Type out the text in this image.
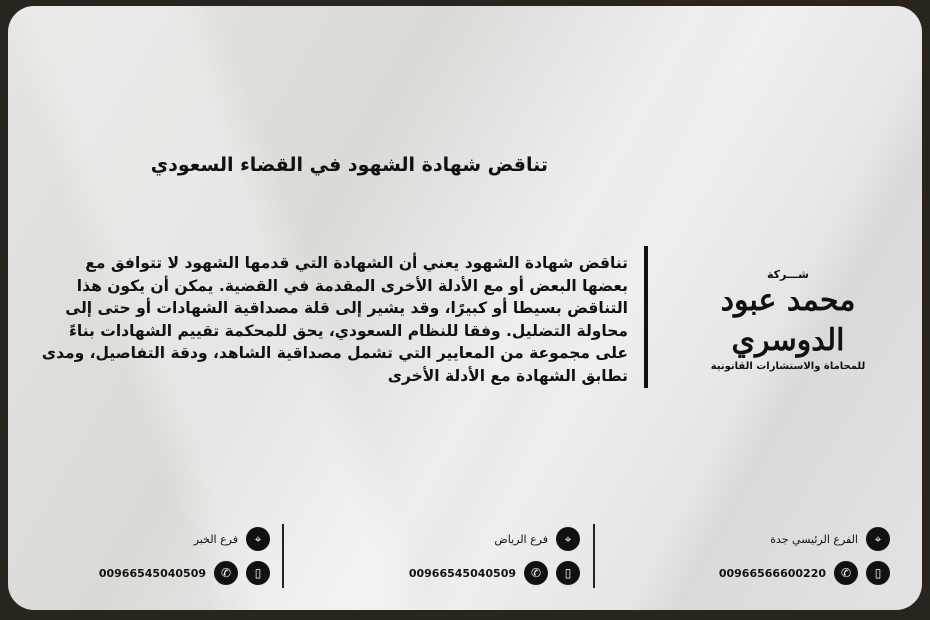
تناقض شهادة الشهود في القضاء السعودي
تناقض شهادة الشهود يعني أن الشهادة التي قدمها الشهود لا تتوافق مع
بعضها البعض أو مع الأدلة الأخرى المقدمة في القضية. يمكن أن يكون هذا
التناقض بسيطا أو كبيرًا، وقد يشير إلى قلة مصداقية الشهادات أو حتى إلى
محاولة التضليل. وفقا للنظام السعودي، يحق للمحكمة تقييم الشهادات بناءً
على مجموعة من المعايير التي تشمل مصداقية الشاهد، ودقة التفاصيل، ومدى
تطابق الشهادة مع الأدلة الأخرى
شـــركة
محمد عبود الدوسري
للمحاماة والاستشارات القانونية
⌖
الفرع الرئيسي جدة
▯
✆
00966566600220
⌖
فرع الرياض
▯
✆
00966545040509
⌖
فرع الخبر
▯
✆
00966545040509
